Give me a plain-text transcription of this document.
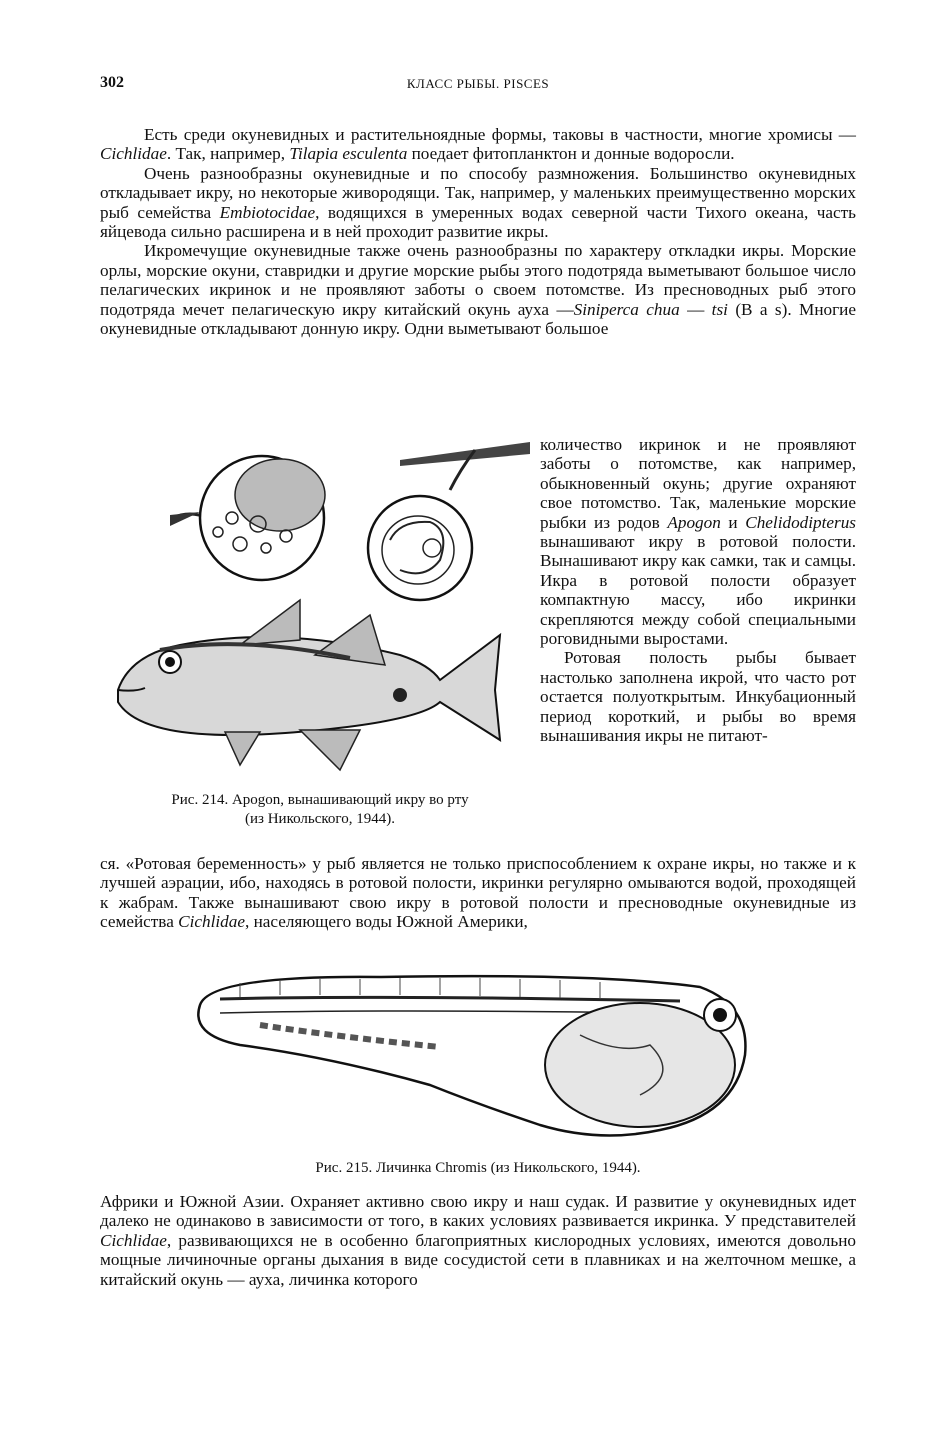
302	КЛАСС РЫБЫ. PISCES

Есть среди окуневидных и растительноядные формы, таковы в частности, многие хромисы — Cichlidae. Так, например, Tilapia esculenta поедает фитопланктон и донные водоросли.

Очень разнообразны окуневидные и по способу размножения. Большинство окуневидных откладывает икру, но некоторые живородящи. Так, например, у маленьких преимущественно морских рыб семейства Embiotocidae, водящихся в умеренных водах северной части Тихого океана, часть яйцевода сильно расширена и в ней проходит развитие икры.

Икромечущие окуневидные также очень разнообразны по характеру откладки икры. Морские орлы, морские окуни, ставридки и другие морские рыбы этого подотряда выметывают большое число пелагических икринок и не проявляют заботы о своем потомстве. Из пресноводных рыб этого подотряда мечет пелагическую икру китайский окунь ауха —Siniperca chua — tsi (B a s). Многие окуневидные откладывают донную икру. Одни выметывают большое

Рис. 214. Apogon, вынашивающий икру во рту
(из Никольского, 1944).

количество икринок и не проявляют заботы о потомстве, как например, обыкновенный окунь; другие охраняют свое потомство. Так, маленькие морские рыбки из родов Apogon и Chelidodipterus вынашивают икру в ротовой полости. Вынашивают икру как самки, так и самцы. Икра в ротовой полости образует компактную массу, ибо икринки скрепляются между собой специальными роговидными выростами.

Ротовая полость рыбы бывает настолько заполнена икрой, что часто рот остается полуоткрытым. Инкубационный период короткий, и рыбы во время вынашивания икры не питают-

ся. «Ротовая беременность» у рыб является не только приспособлением к охране икры, но также и к лучшей аэрации, ибо, находясь в ротовой полости, икринки регулярно омываются водой, проходящей к жабрам. Также вынашивают свою икру в ротовой полости и пресноводные окуневидные из семейства Cichlidae, населяющего воды Южной Америки,

Рис. 215. Личинка Chromis (из Никольского, 1944).

Африки и Южной Азии. Охраняет активно свою икру и наш судак. И развитие у окуневидных идет далеко не одинаково в зависимости от того, в каких условиях развивается икринка. У представителей Cichlidae, развивающихся не в особенно благоприятных кислородных условиях, имеются довольно мощные личиночные органы дыхания в виде сосудистой сети в плавниках и на желточном мешке, а китайский окунь — ауха, личинка которого
